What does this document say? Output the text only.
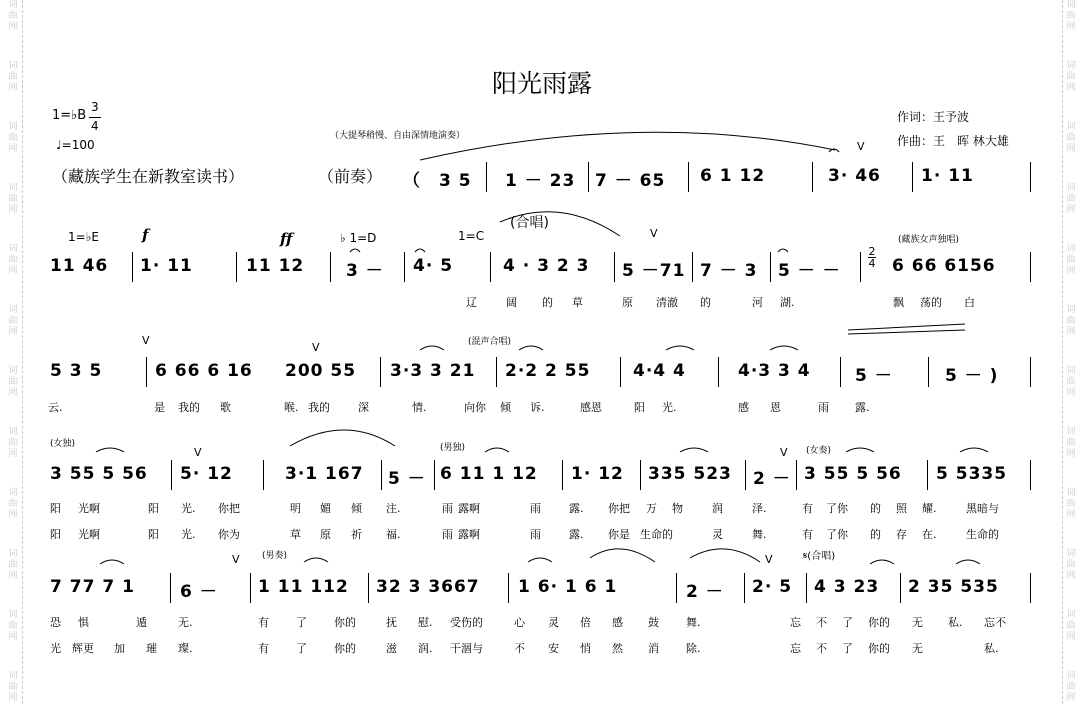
词
曲
网
词
曲
网
词
曲
网
词
曲
网
词
曲
网
词
曲
网
词
曲
网
词
曲
网
词
曲
网
词
曲
网
词
曲
网
词
曲
网
词
曲
网
词
曲
网
词
曲
网
词
曲
网
词
曲
网
词
曲
网
词
曲
网
词
曲
网
词
曲
网
词
曲
网
词
曲
网
词
曲
网
阳光雨露
作词：王予波
作曲：王　晖 林大雄
1=♭B
3
4
♩=100
（大提琴稍慢、自由深情地演奏）
（藏族学生在新教室读书）	（前奏） （　3 5 1 － 23 7 － 65 6 1 12	3· 46 1· 11
V
1=♭E	♭ 1=D	1=C
f	ff
(合唱)
(藏族女声独唱)
2
4
11 46 1· 11	11 12 3 － 4· 5	4 · 3 2 3 5 －71 7 － 3 5 － －	6 66 6156
V
辽	阔 的 草	原 清澈 的	河 湖.	飘 荡的 白
(混声合唱)
5 3 5	6 66 6 16 200 55 3·3 3 21 2·2 2 55	4·4 4	4·3 3 4	5 －	5 － )
V
V
云.	是 我的 歌	喉. 我的	深	情.	向你 倾 诉.	感恩	阳 光.	感 恩	雨 露.
(女独)	(男独)	(女奏)
3 55 5 56 5· 12	3·1 167 5 － 6 11 1 12 1· 12 335 523 2 － 3 55 5 56 5 5335
V	V
阳 光啊	阳 光. 你把	明 媚 倾 注.	雨 露啊	雨	露. 你把 万 物	润	泽.	有 了你 的 照 耀.	黑暗与
阳 光啊	阳 光. 你为	草 原 祈 福.	雨 露啊	雨	露. 你是 生命的	灵	舞.	有 了你 的 存 在.	生命的
(男奏)	𝄋(合唱)
7 77 7 1	6 － 1 11 112 32 3 3667 1 6· 1 6 1	2 － 2· 5 4 3 23 2 35 535
V	V
恐 惧	遁	无.	有 了 你的	抚 慰. 受伤的	心 灵 倍 感 鼓 舞.	忘 不 了 你的 无 私. 忘不
光 辉更 加 璀 璨.	有 了 你的	滋 润. 干涸与	不 安 悄 然 消 除.	忘 不 了 你的 无	私.
